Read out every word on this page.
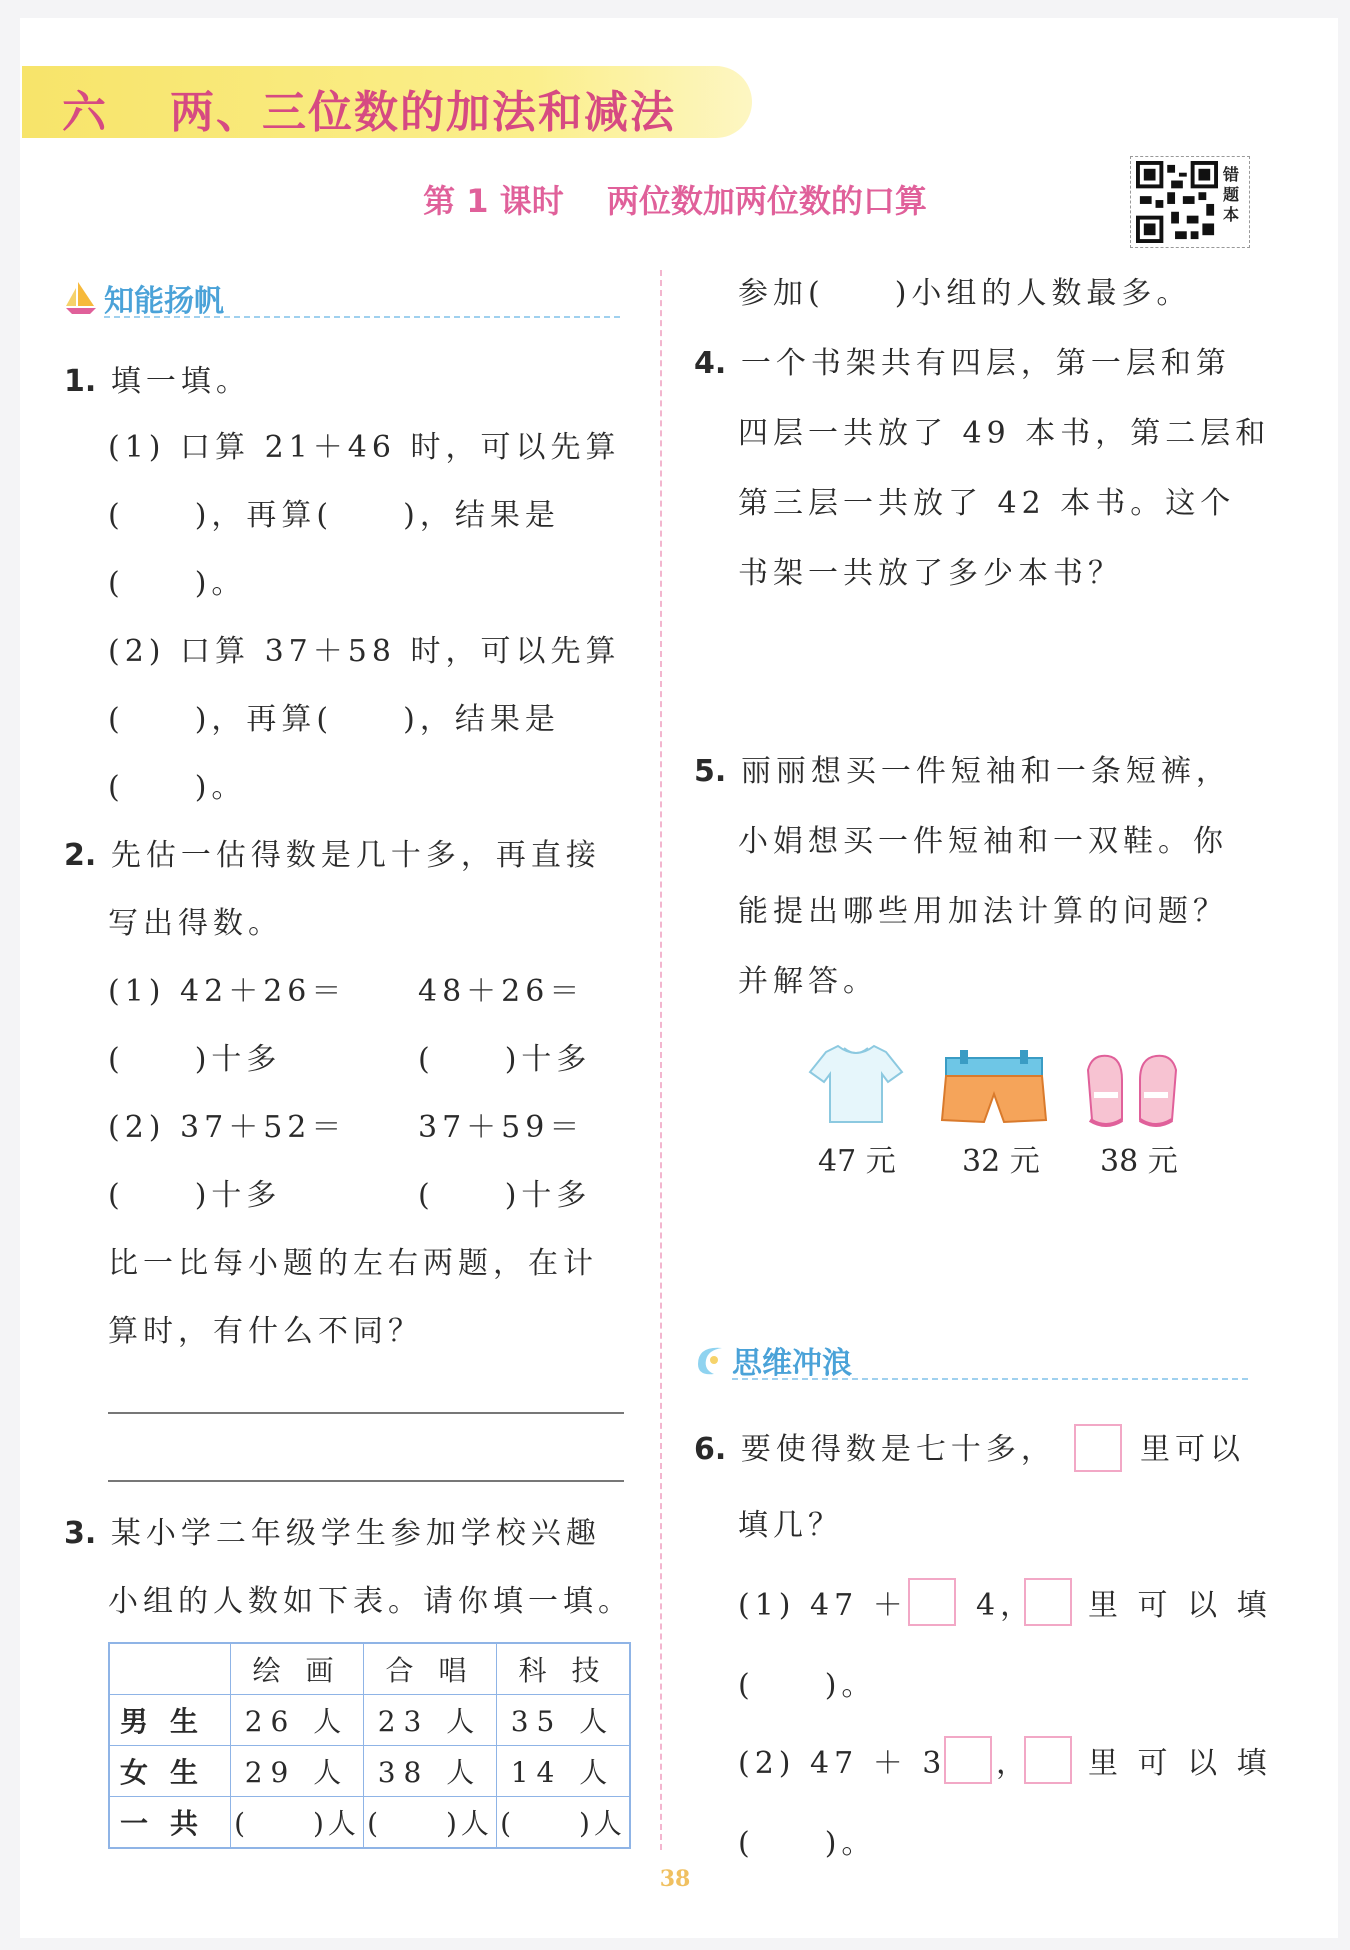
六 两、三位数的加法和减法
第 1 课时 两位数加两位数的口算
错题本
知能扬帆
1. 填一填。
(1) 口算 21＋46 时，可以先算
(　　)，再算(　　)，结果是
(　　)。
(2) 口算 37＋58 时，可以先算
(　　)，再算(　　)，结果是
(　　)。
2. 先估一估得数是几十多，再直接
写出得数。
(1) 42＋26＝ 48＋26＝
(　　)十多	(　　)十多
(2) 37＋52＝ 37＋59＝
(　　)十多	(　　)十多
比一比每小题的左右两题，在计
算时，有什么不同？
3. 某小学二年级学生参加学校兴趣
小组的人数如下表。请你填一填。
	绘 画	合 唱	科 技
男生	26 人	23 人	35 人
女生	29 人	38 人	14 人
一共	(　　)人	(　　)人	(　　)人
参加(　　)小组的人数最多。
4. 一个书架共有四层，第一层和第
四层一共放了 49 本书，第二层和
第三层一共放了 42 本书。这个
书架一共放了多少本书？
5. 丽丽想买一件短袖和一条短裤，
小娟想买一件短袖和一双鞋。你
能提出哪些用加法计算的问题？
并解答。
47 元 32 元 38 元
思维冲浪
6. 要使得数是七十多，	里可以
填几？
(1) 47 ＋ 4， 里 可 以 填
(　　)。
(2) 47 ＋ 3 ， 里 可 以 填
(　　)。
38
